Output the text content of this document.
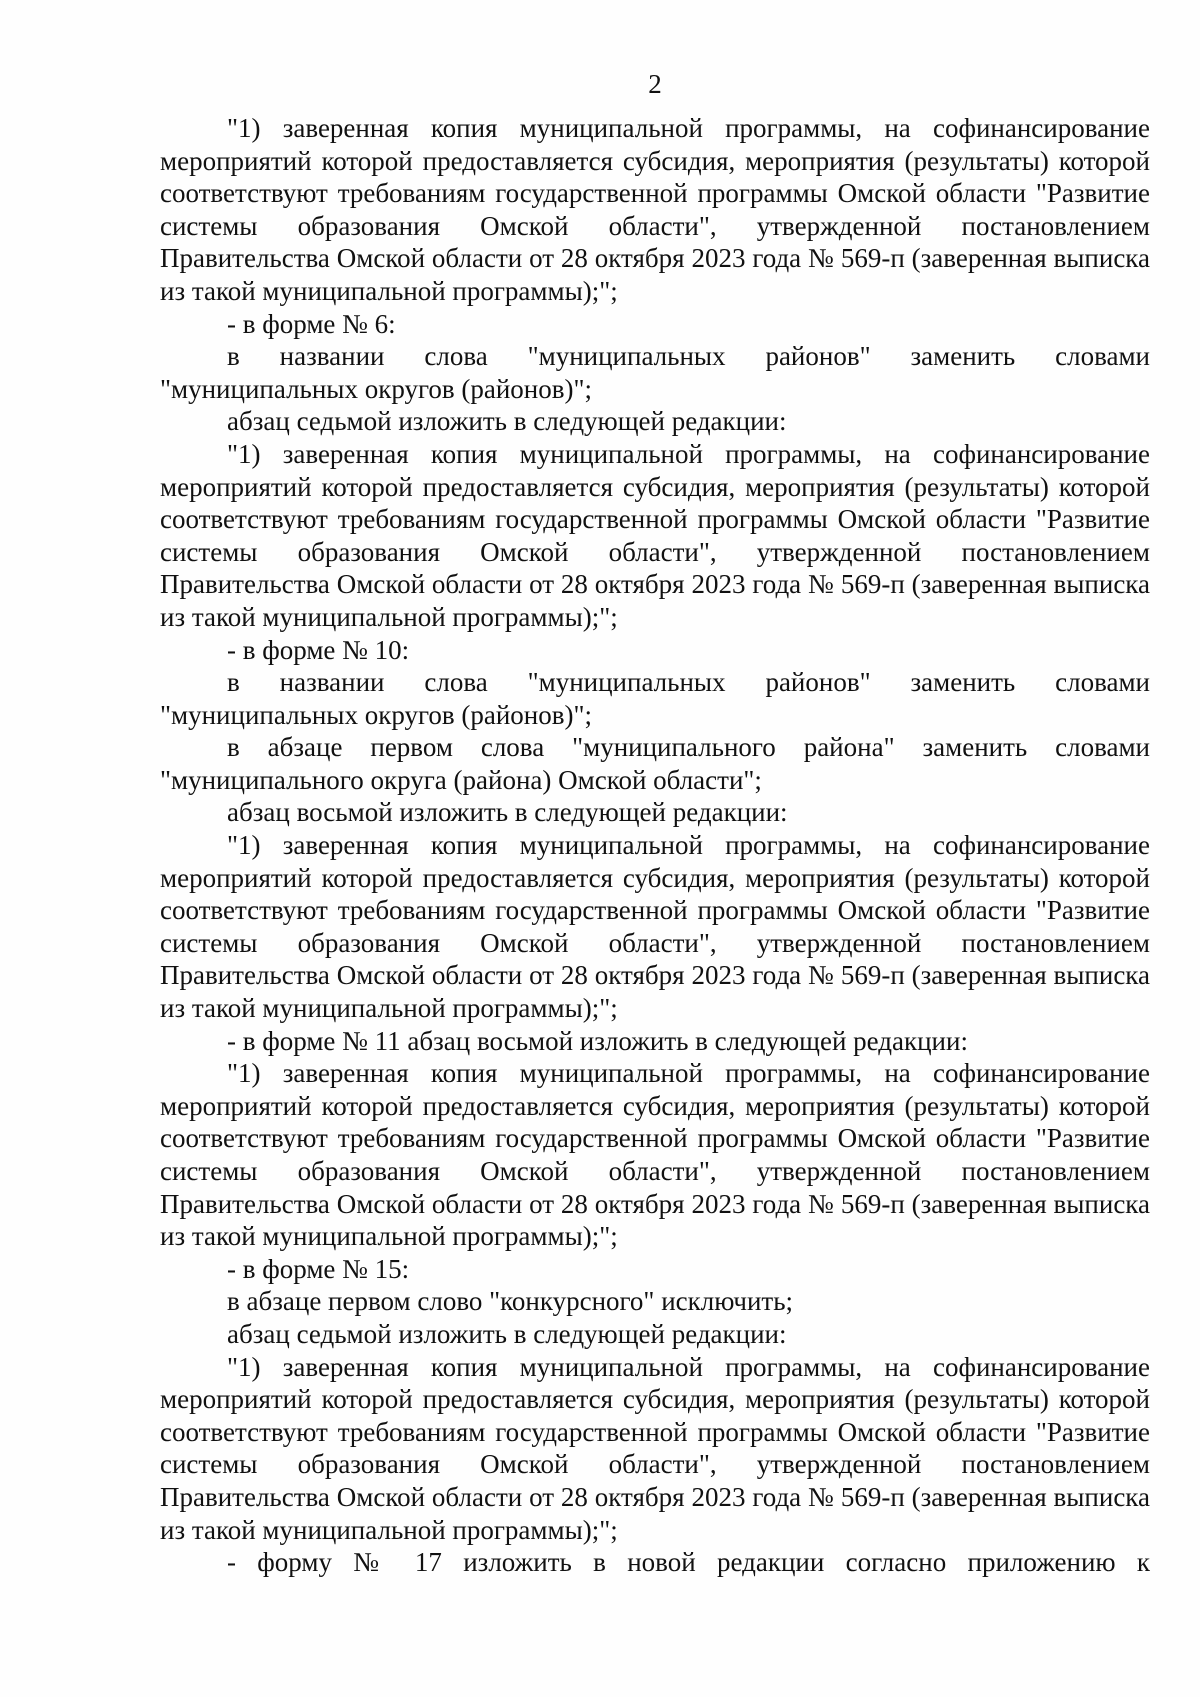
2

"1) заверенная копия муниципальной программы, на софинансирование мероприятий которой предоставляется субсидия, мероприятия (результаты) которой соответствуют требованиям государственной программы Омской области "Развитие системы образования Омской области", утвержденной постановлением Правительства Омской области от 28 октября 2023 года № 569-п (заверенная выписка из такой муниципальной программы);";

- в форме № 6:

в названии слова "муниципальных районов" заменить словами "муниципальных округов (районов)";

абзац седьмой изложить в следующей редакции:

"1) заверенная копия муниципальной программы, на софинансирование мероприятий которой предоставляется субсидия, мероприятия (результаты) которой соответствуют требованиям государственной программы Омской области "Развитие системы образования Омской области", утвержденной постановлением Правительства Омской области от 28 октября 2023 года № 569-п (заверенная выписка из такой муниципальной программы);";

- в форме № 10:

в названии слова "муниципальных районов" заменить словами "муниципальных округов (районов)";

в абзаце первом слова "муниципального района" заменить словами "муниципального округа (района) Омской области";

абзац восьмой изложить в следующей редакции:

"1) заверенная копия муниципальной программы, на софинансирование мероприятий которой предоставляется субсидия, мероприятия (результаты) которой соответствуют требованиям государственной программы Омской области "Развитие системы образования Омской области", утвержденной постановлением Правительства Омской области от 28 октября 2023 года № 569-п (заверенная выписка из такой муниципальной программы);";

- в форме № 11 абзац восьмой изложить в следующей редакции:

"1) заверенная копия муниципальной программы, на софинансирование мероприятий которой предоставляется субсидия, мероприятия (результаты) которой соответствуют требованиям государственной программы Омской области "Развитие системы образования Омской области", утвержденной постановлением Правительства Омской области от 28 октября 2023 года № 569-п (заверенная выписка из такой муниципальной программы);";

- в форме № 15:

в абзаце первом слово "конкурсного" исключить;

абзац седьмой изложить в следующей редакции:

"1) заверенная копия муниципальной программы, на софинансирование мероприятий которой предоставляется субсидия, мероприятия (результаты) которой соответствуют требованиям государственной программы Омской области "Развитие системы образования Омской области", утвержденной постановлением Правительства Омской области от 28 октября 2023 года № 569-п (заверенная выписка из такой муниципальной программы);";

- форму № 17 изложить в новой редакции согласно приложению к
